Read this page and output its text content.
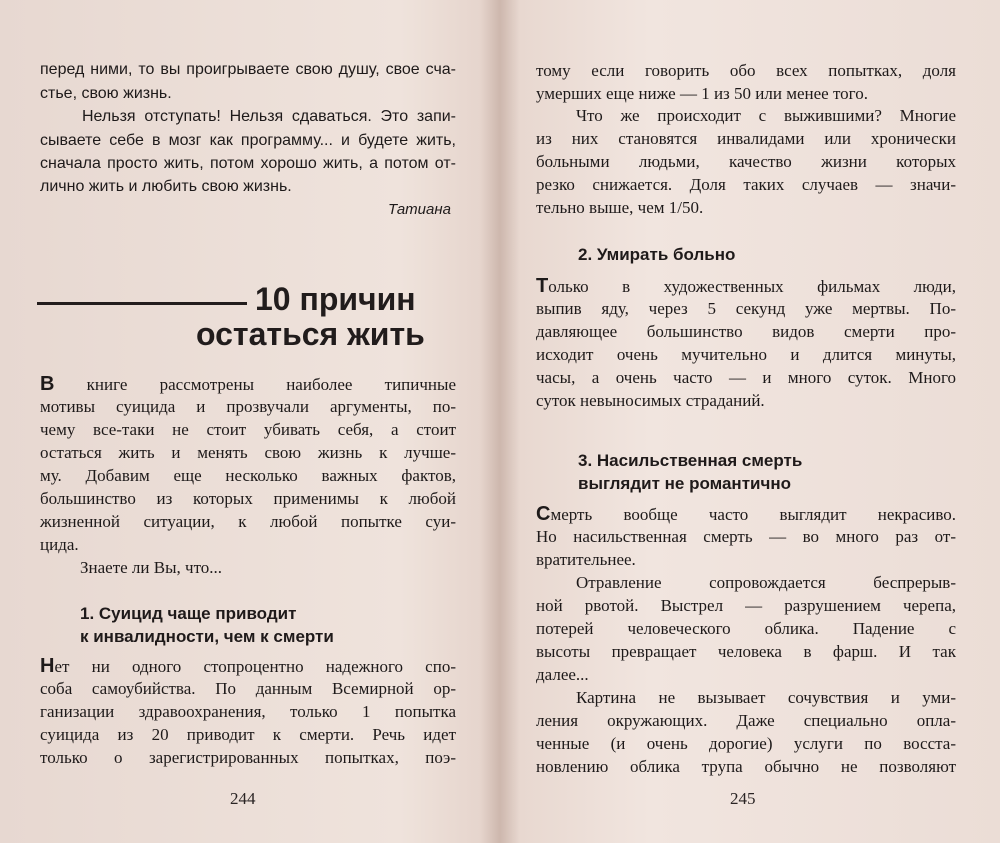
перед ними, то вы проигрываете свою душу, свое сча-
стье, свою жизнь.
Нельзя отступать! Нельзя сдаваться. Это запи-
сываете себе в мозг как программу... и будете жить,
сначала просто жить, потом хорошо жить, а потом от-
лично жить и любить свою жизнь.
Татиана
10 причин
остаться жить
В книге рассмотрены наиболее типичные
мотивы суицида и прозвучали аргументы, по-
чему все-таки не стоит убивать себя, а стоит
остаться жить и менять свою жизнь к лучше-
му. Добавим еще несколько важных фактов,
большинство из которых применимы к любой
жизненной ситуации, к любой попытке суи-
цида.
Знаете ли Вы, что...
1. Суицид чаще приводит
к инвалидности, чем к смерти
Нет ни одного стопроцентно надежного спо-
соба самоубийства. По данным Всемирной ор-
ганизации здравоохранения, только 1 попытка
суицида из 20 приводит к смерти. Речь идет
только о зарегистрированных попытках, поэ-
244
тому если говорить обо всех попытках, доля
умерших еще ниже — 1 из 50 или менее того.
Что же происходит с выжившими? Многие
из них становятся инвалидами или хронически
больными людьми, качество жизни которых
резко снижается. Доля таких случаев — значи-
тельно выше, чем 1/50.
2. Умирать больно
Только в художественных фильмах люди,
выпив яду, через 5 секунд уже мертвы. По-
давляющее большинство видов смерти про-
исходит очень мучительно и длится минуты,
часы, а очень часто — и много суток. Много
суток невыносимых страданий.
3. Насильственная смерть
выглядит не романтично
Смерть вообще часто выглядит некрасиво.
Но насильственная смерть — во много раз от-
вратительнее.
Отравление сопровождается беспрерыв-
ной рвотой. Выстрел — разрушением черепа,
потерей человеческого облика. Падение с
высоты превращает человека в фарш. И так
далее...
Картина не вызывает сочувствия и уми-
ления окружающих. Даже специально опла-
ченные (и очень дорогие) услуги по восста-
новлению облика трупа обычно не позволяют
245
